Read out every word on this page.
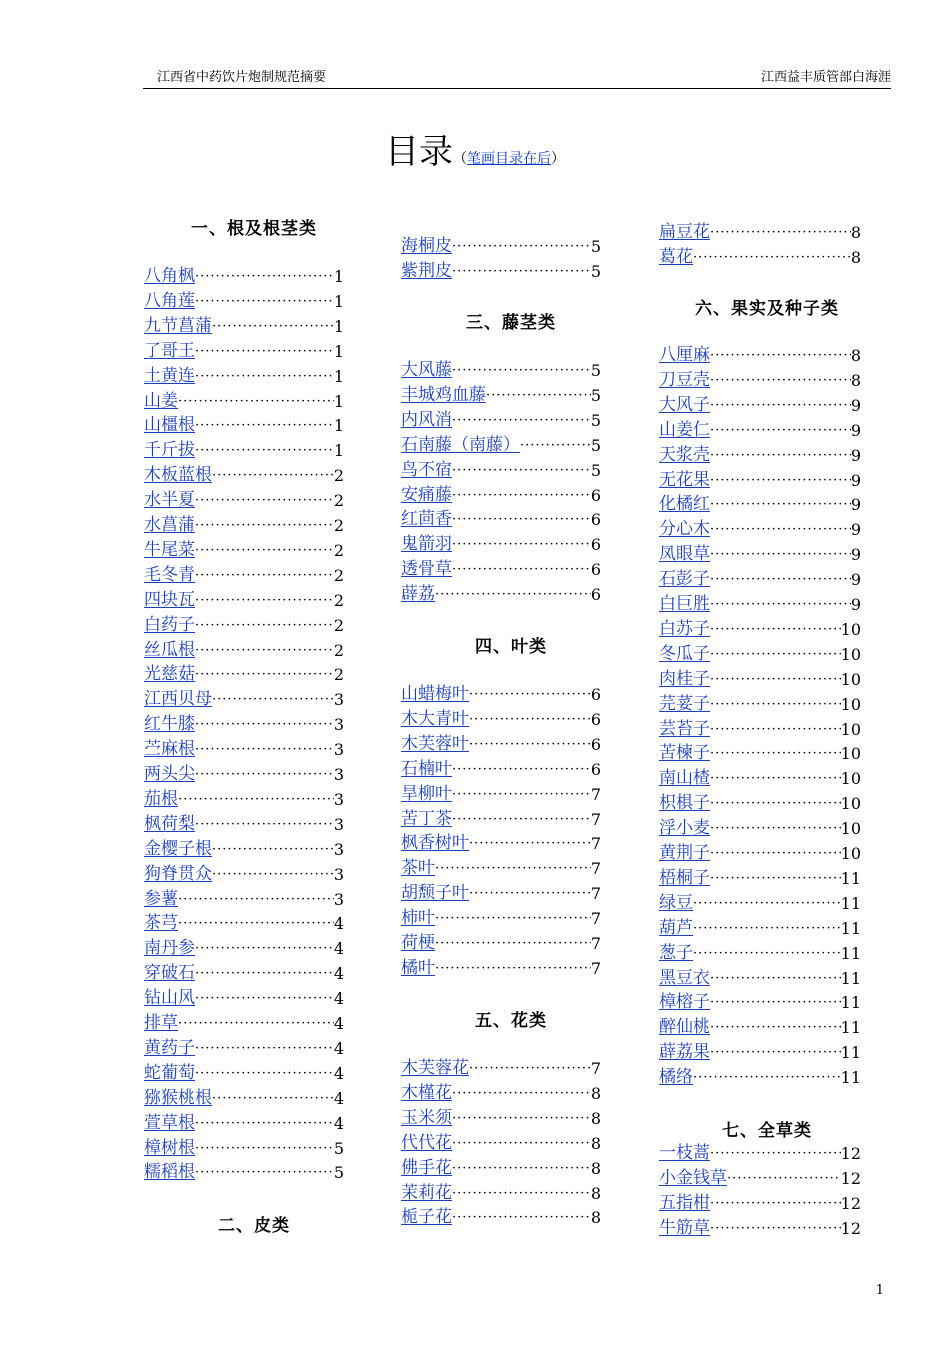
江西省中药饮片炮制规范摘要	江西益丰质管部白海涯
目录（笔画目录在后）
一、根及根茎类
八角枫 ·····	1
八角莲 ·····	1
九节菖蒲 ·····	1
了哥王 ·····	1
土黄连 ·····	1
山姜 ·····	1
山橿根 ·····	1
千斤拔 ·····	1
木板蓝根 ·····	2
水半夏 ·····	2
水菖蒲 ·····	2
牛尾菜 ·····	2
毛冬青 ·····	2
四块瓦 ·····	2
白药子 ·····	2
丝瓜根 ·····	2
光慈菇 ·····	2
江西贝母 ·····	3
红牛膝 ·····	3
苎麻根 ·····	3
两头尖 ·····	3
茄根 ·····	3
枫荷梨 ·····	3
金樱子根 ·····	3
狗脊贯众 ·····	3
参薯 ·····	3
茶芎 ·····	4
南丹参 ·····	4
穿破石 ·····	4
钻山风 ·····	4
排草 ·····	4
黄药子 ·····	4
蛇葡萄 ·····	4
猕猴桃根 ·····	4
萱草根 ·····	4
樟树根 ·····	5
糯稻根 ·····	5
二、皮类
海桐皮 ·····	5
紫荆皮 ·····	5
三、藤茎类
大风藤 ·····	5
丰城鸡血藤 ·····	5
内风消 ·····	5
石南藤（南藤） ·····	5
鸟不宿 ·····	5
安痛藤 ·····	6
红茴香 ·····	6
鬼箭羽 ·····	6
透骨草 ·····	6
薜荔 ·····	6
四、叶类
山蜡梅叶 ·····	6
木大青叶 ·····	6
木芙蓉叶 ·····	6
石楠叶 ·····	6
旱柳叶 ·····	7
苦丁茶 ·····	7
枫香树叶 ·····	7
茶叶 ·····	7
胡颓子叶 ·····	7
柿叶 ·····	7
荷梗 ·····	7
橘叶 ·····	7
五、花类
木芙蓉花 ·····	7
木槿花 ·····	8
玉米须 ·····	8
代代花 ·····	8
佛手花 ·····	8
茉莉花 ·····	8
栀子花 ·····	8
扁豆花 ·····	8
葛花 ·····	8
六、果实及种子类
八厘麻 ·····	8
刀豆壳 ·····	8
大风子 ·····	9
山姜仁 ·····	9
天浆壳 ·····	9
无花果 ·····	9
化橘红 ·····	9
分心木 ·····	9
凤眼草 ·····	9
石彭子 ·····	9
白巨胜 ·····	9
白苏子 ·····	10
冬瓜子 ·····	10
肉桂子 ·····	10
芫荽子 ·····	10
芸苔子 ·····	10
苦楝子 ·····	10
南山楂 ·····	10
枳椇子 ·····	10
浮小麦 ·····	10
黄荆子 ·····	10
梧桐子 ·····	11
绿豆 ·····	11
葫芦 ·····	11
葱子 ·····	11
黑豆衣 ·····	11
樟榕子 ·····	11
醉仙桃 ·····	11
薜荔果 ·····	11
橘络 ·····	11
七、全草类
一枝蒿 ·····	12
小金钱草 ·····	12
五指柑 ·····	12
牛筋草 ·····	12
1
